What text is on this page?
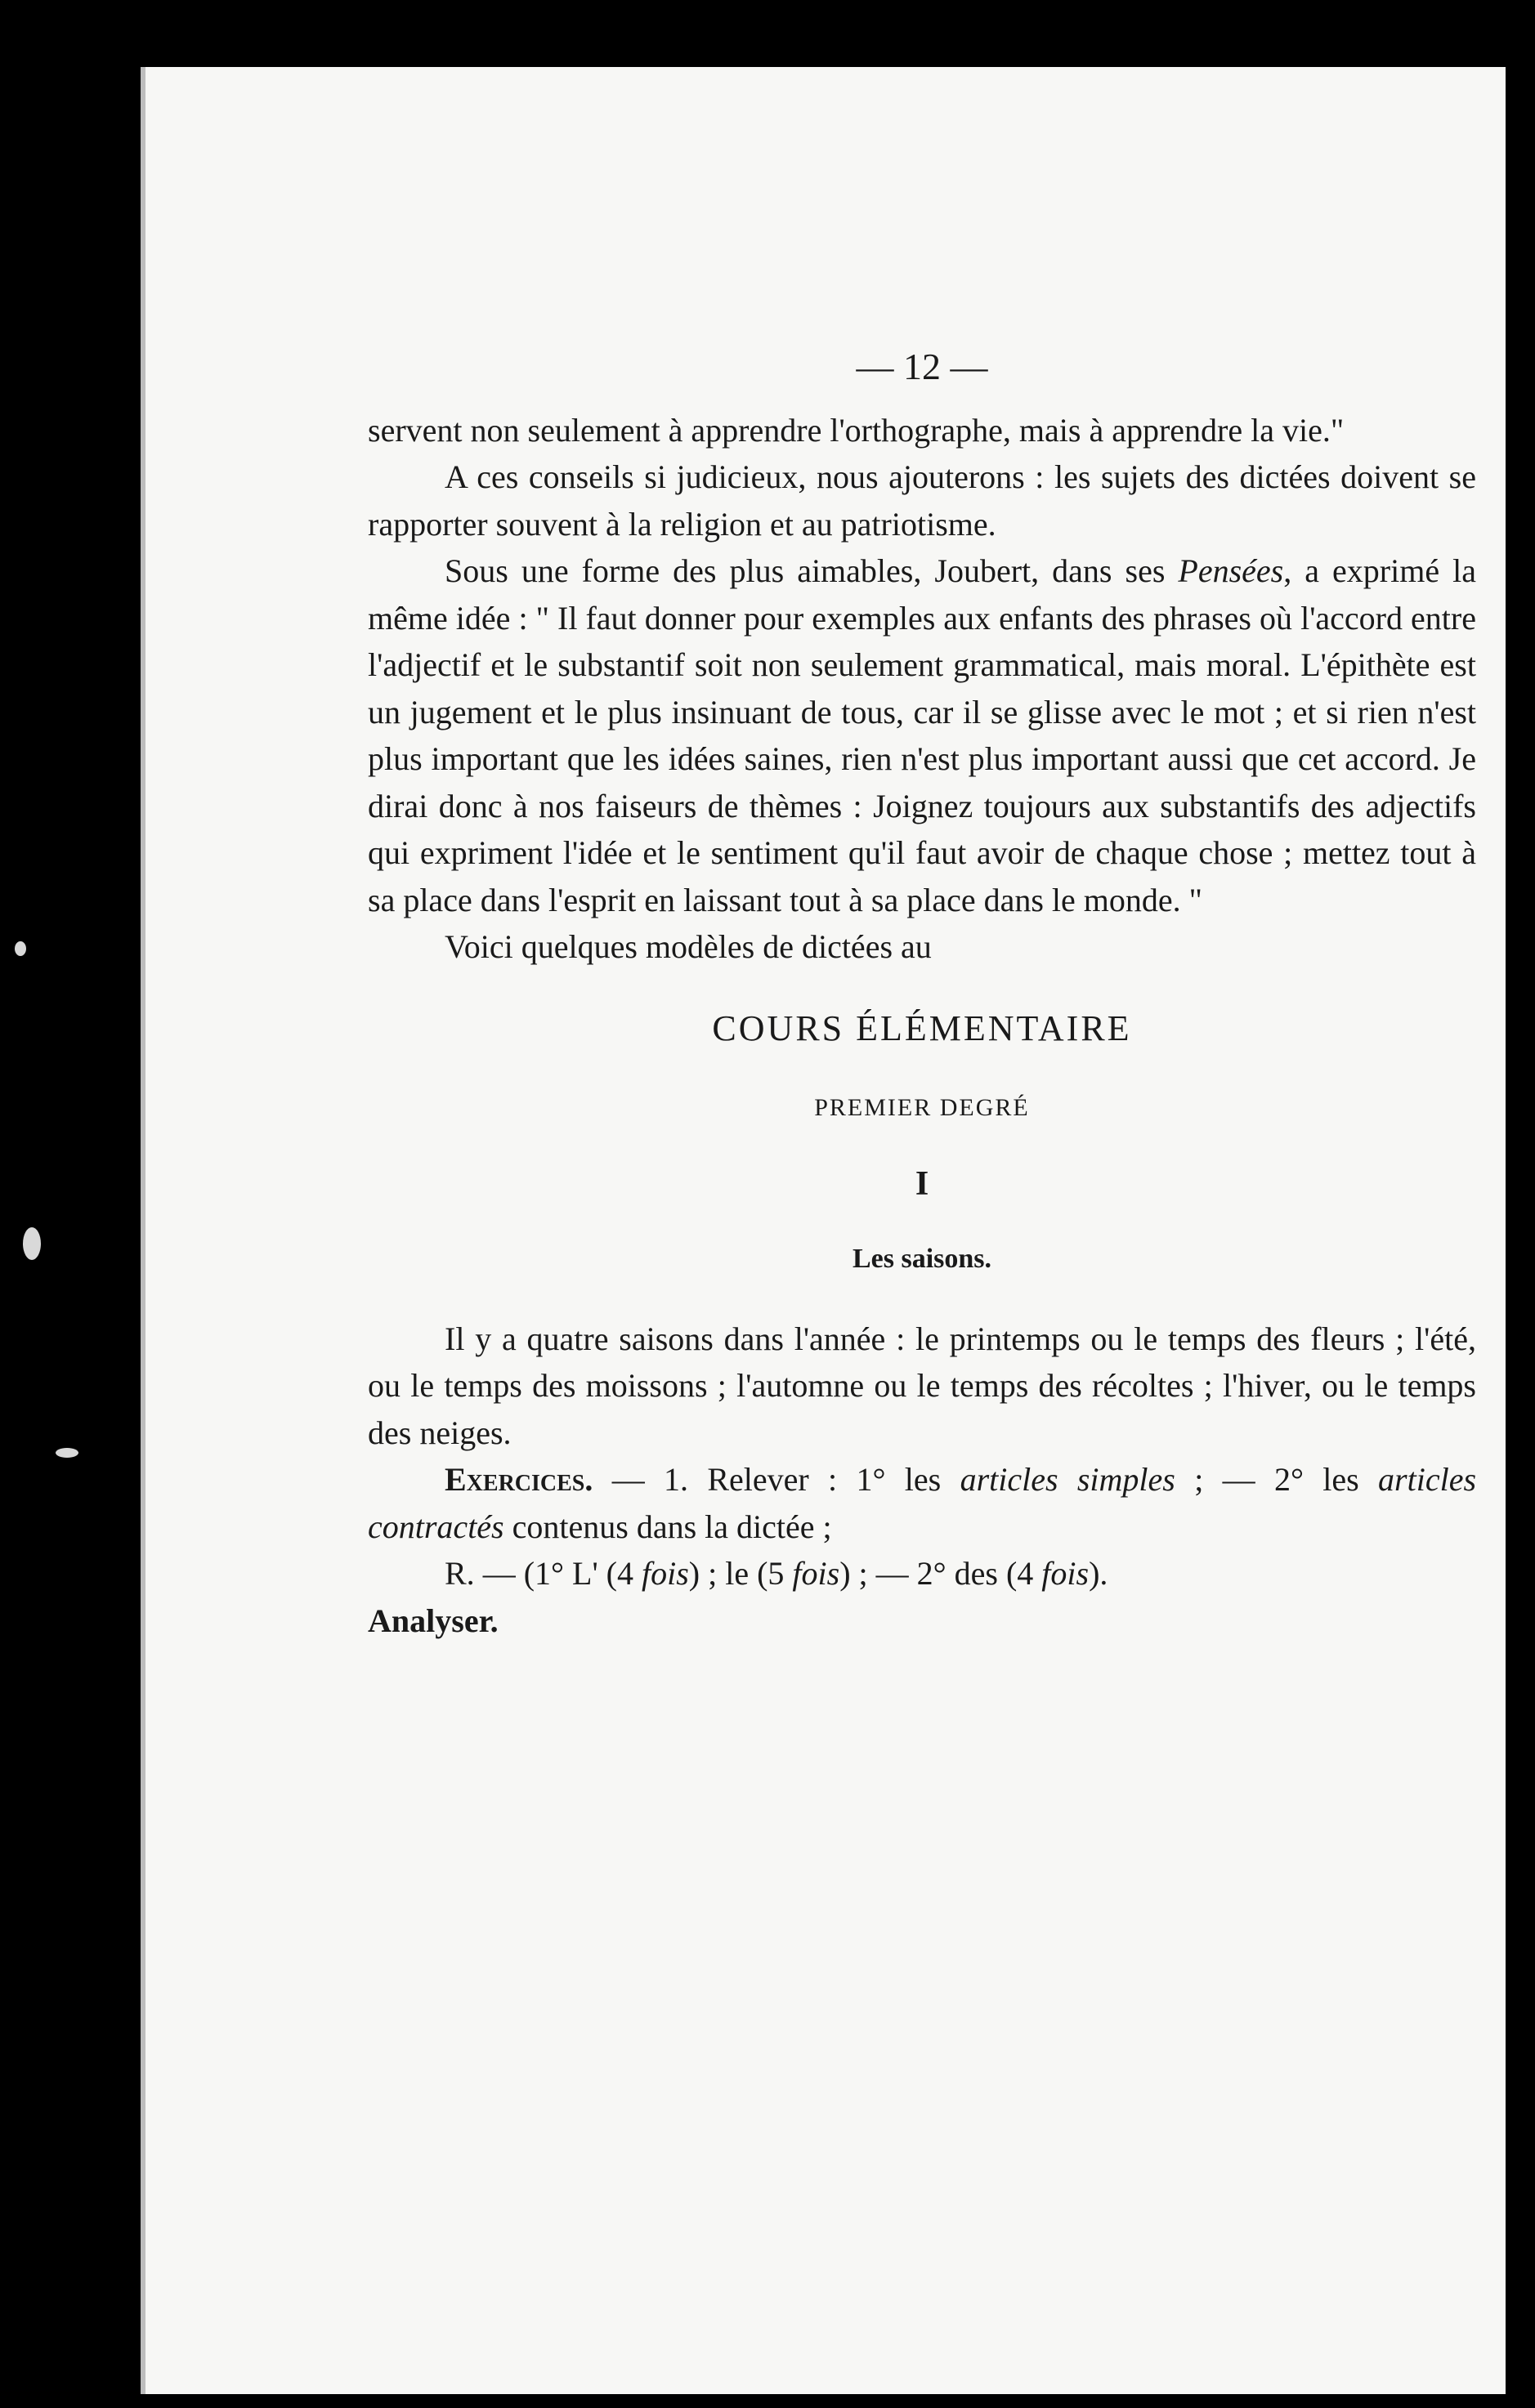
— 12 —

servent non seulement à apprendre l'orthographe, mais à apprendre la vie."

A ces conseils si judicieux, nous ajouterons : les sujets des dictées doivent se rapporter souvent à la religion et au patriotisme.

Sous une forme des plus aimables, Joubert, dans ses Pensées, a exprimé la même idée : " Il faut donner pour exemples aux enfants des phrases où l'accord entre l'adjectif et le substantif soit non seulement grammatical, mais moral. L'épithète est un jugement et le plus insinuant de tous, car il se glisse avec le mot ; et si rien n'est plus important que les idées saines, rien n'est plus important aussi que cet accord. Je dirai donc à nos faiseurs de thèmes : Joignez toujours aux substantifs des adjectifs qui expriment l'idée et le sentiment qu'il faut avoir de chaque chose ; mettez tout à sa place dans l'esprit en laissant tout à sa place dans le monde. "

Voici quelques modèles de dictées au

COURS ÉLÉMENTAIRE
PREMIER DEGRÉ
I
Les saisons.

Il y a quatre saisons dans l'année : le printemps ou le temps des fleurs ; l'été, ou le temps des moissons ; l'automne ou le temps des récoltes ; l'hiver, ou le temps des neiges.

Exercices. — 1. Relever : 1° les articles simples ; — 2° les articles contractés contenus dans la dictée ;

R. — (1° L' (4 fois) ; le (5 fois) ; — 2° des (4 fois).

Analyser.
